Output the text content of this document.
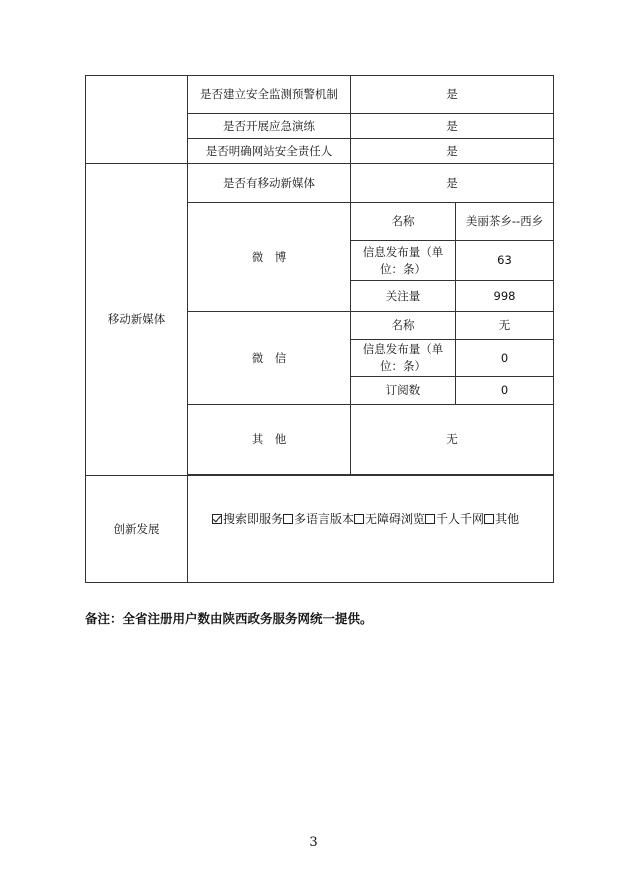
	是否建立安全监测预警机制	是	
	是否开展应急演练	是	
	是否明确网站安全责任人	是	
移动新媒体	是否有移动新媒体	是	
	微　博	名称	美丽茶乡--西乡
		信息发布量（单位：条）	63
		关注量	998
	微　信	名称	无
		信息发布量（单位：条）	0
		订阅数	0
	其　他	无	

创新发展	搜索即服务 多语言版本 无障碍浏览 千人千网 其他		
备注：全省注册用户数由陕西政务服务网统一提供。
3
